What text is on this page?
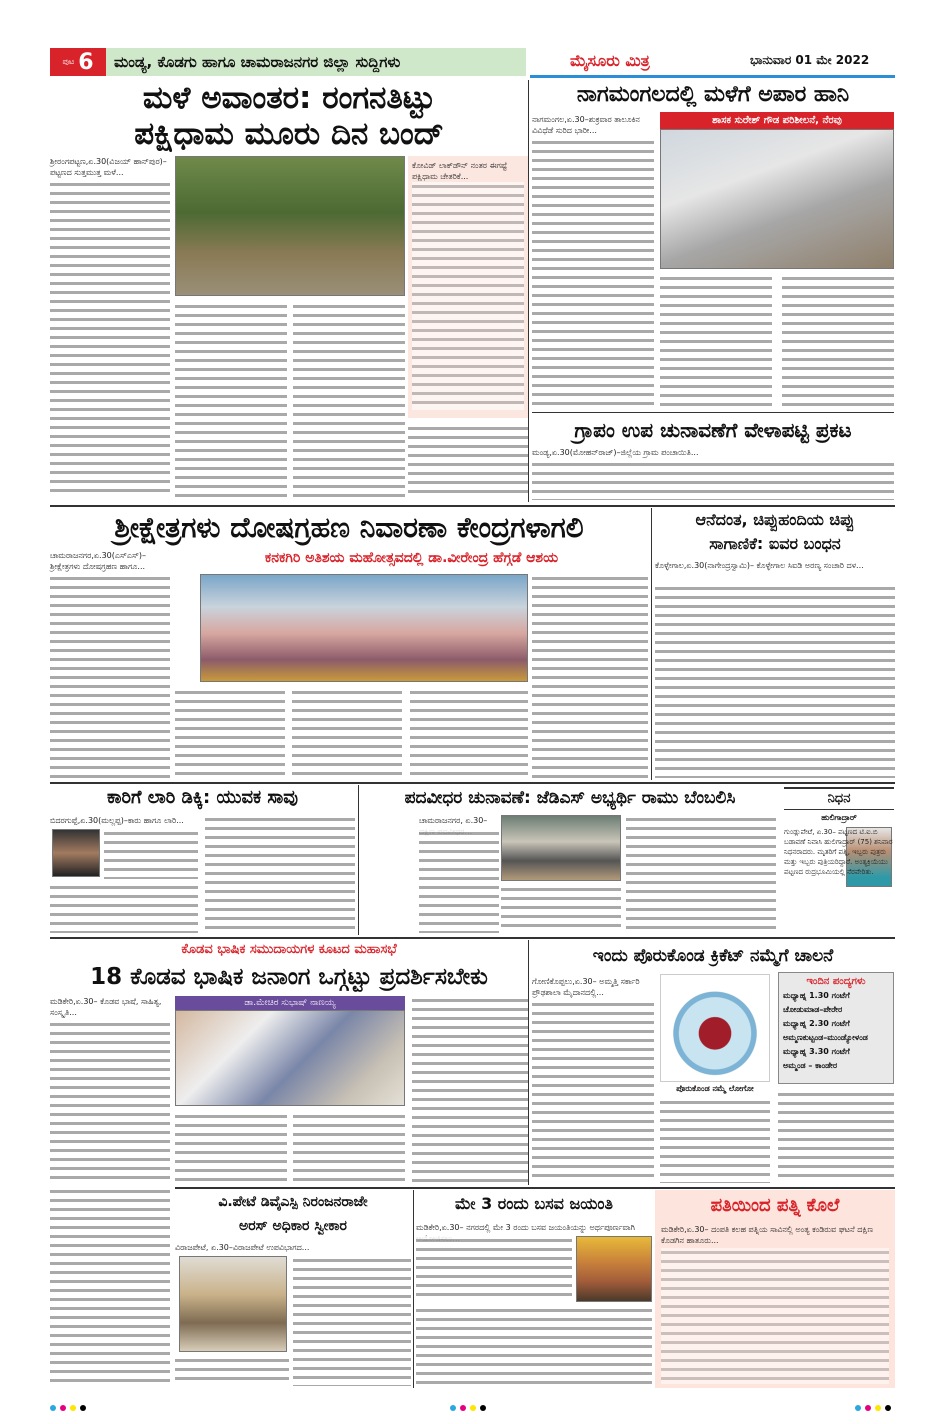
ಪುಟ 6 ಮಂಡ್ಯ, ಕೊಡಗು ಹಾಗೂ ಚಾಮರಾಜನಗರ ಜಿಲ್ಲಾ ಸುದ್ದಿಗಳು	ಮೈಸೂರು ಮಿತ್ರ	ಭಾನುವಾರ 01 ಮೇ 2022
ಮಳೆ ಅವಾಂತರ: ರಂಗನತಿಟ್ಟು
ಪಕ್ಷಿಧಾಮ ಮೂರು ದಿನ ಬಂದ್
ಶ್ರೀರಂಗಪಟ್ಟಣ,ಏ.30(ವಿಜಯ್ ಹಾನ್‌ಪುರ)– ಪಟ್ಟಣದ ಸುತ್ತಮುತ್ತ ಮಳೆ...
ಕೋವಿಡ್ ಲಾಕ್‌ಡೌನ್ ನಂತರ ಈಗಷ್ಟೆ ಪಕ್ಷಿಧಾಮ ಚೇತರಿಕೆ...
ನಾಗಮಂಗಲದಲ್ಲಿ ಮಳೆಗೆ ಅಪಾರ ಹಾನಿ
ನಾಗಮಂಗಲ,ಏ.30–ಶುಕ್ರವಾರ ತಾಲೂಕಿನ ವಿವಿಧೆಡೆ ಸುರಿದ ಭಾರೀ...
ಶಾಸಕ ಸುರೇಶ್ ಗೌಡ ಪರಿಶೀಲನೆ, ನೆರವು
ಗ್ರಾಪಂ ಉಪ ಚುನಾವಣೆಗೆ ವೇಳಾಪಟ್ಟಿ ಪ್ರಕಟ
ಮಂಡ್ಯ,ಏ.30(ಮೋಹನ್‌ರಾಜ್)–ಜಿಲ್ಲೆಯ ಗ್ರಾಮ ಪಂಚಾಯಿತಿ...
ಶ್ರೀಕ್ಷೇತ್ರಗಳು ದೋಷಗ್ರಹಣ ನಿವಾರಣಾ ಕೇಂದ್ರಗಳಾಗಲಿ
ಕನಕಗಿರಿ ಅತಿಶಯ ಮಹೋತ್ಸವದಲ್ಲಿ ಡಾ.ವೀರೇಂದ್ರ ಹೆಗ್ಗಡೆ ಆಶಯ
ಚಾಮರಾಜನಗರ,ಏ.30(ಎಸ್‌ಎಸ್)– ಶ್ರೀಕ್ಷೇತ್ರಗಳು ದೋಷಗ್ರಹಣ ಹಾಗೂ...
ಆನೆದಂತ, ಚಿಪ್ಪುಹಂದಿಯ ಚಿಪ್ಪು
ಸಾಗಾಣಿಕೆ: ಐವರ ಬಂಧನ
ಕೊಳ್ಳೇಗಾಲ,ಏ.30(ನಾಗೇಂದ್ರಸ್ವಾಮಿ)– ಕೊಳ್ಳೇಗಾಲ ಸಿಐಡಿ ಅರಣ್ಯ ಸಂಚಾರಿ ದಳ...
ಕಾರಿಗೆ ಲಾರಿ ಡಿಕ್ಕಿ: ಯುವಕ ಸಾವು
ಬಿದರಗುಪ್ಪೆ,ಏ.30(ಮಲ್ಲಪ್ಪ)–ಕಾರು ಹಾಗೂ ಲಾರಿ...
ಪದವೀಧರ ಚುನಾವಣೆ: ಜೆಡಿಎಸ್ ಅಭ್ಯರ್ಥಿ ರಾಮು ಬೆಂಬಲಿಸಿ
ಚಾಮರಾಜನಗರ, ಏ.30–
ನಿಧನ
ಹುಲಿಗಾದ್ರಾರ್
ಗುಂಡ್ಲುಪೇಟೆ, ಏ.30– ಪಟ್ಟಣದ ಟಿ.ಐ.ಬಿ ಬಡಾವಣೆ ನಿವಾಸಿ ಹುಲಿಗಾದ್ರಾರ್ (75) ಶನಿವಾರ ನಿಧನರಾದರು. ಮೃತರಿಗೆ ಪತ್ನಿ, ಇಬ್ಬರು ಪುತ್ರರು ಮತ್ತು ಇಬ್ಬರು ಪುತ್ರಿಯರಿದ್ದಾರೆ. ಅಂತ್ಯಕ್ರಿಯೆಯು ಪಟ್ಟಣದ ರುದ್ರಭೂಮಿಯಲ್ಲಿ ನೆರವೇರಿತು.
ಕೊಡವ ಭಾಷಿಕ ಸಮುದಾಯಗಳ ಕೂಟದ ಮಹಾಸಭೆ
18 ಕೊಡವ ಭಾಷಿಕ ಜನಾಂಗ ಒಗ್ಗಟ್ಟು ಪ್ರದರ್ಶಿಸಬೇಕು
ಮಡಿಕೇರಿ,ಏ.30– ಕೊಡವ ಭಾಷೆ, ಸಾಹಿತ್ಯ, ಸಂಸ್ಕೃತಿ...
ಡಾ.ಮೇಚಿರ ಸುಭಾಷ್ ನಾಣಯ್ಯ
ಇಂದು ಪೊರುಕೊಂಡ ಕ್ರಿಕೆಟ್ ನಮ್ಮೆಗೆ ಚಾಲನೆ
ಗೋಣಿಕೊಪ್ಪಲು,ಏ.30– ಅಮ್ಮತ್ತಿ ಸರ್ಕಾರಿ ಪ್ರೌಢಶಾಲಾ ಮೈದಾನದಲ್ಲಿ...
ಪೊರುಕೊಂಡ ನಮ್ಮೆ ಲೋಗೋ
ಇಂದಿನ ಪಂದ್ಯಗಳು
ಮಧ್ಯಾಹ್ನ 1.30 ಗಂಟೆಗೆ
ಚೋಡುಮಾಡ–ಪೇರೇರ
ಮಧ್ಯಾಹ್ನ 2.30 ಗಂಟೆಗೆ
ಅಮ್ಮಣಕುಟ್ಟಂಡ–ಮುಂಡ್ಯೋಳಂಡ
ಮಧ್ಯಾಹ್ನ 3.30 ಗಂಟೆಗೆ
ಅಮ್ಮಂಡ – ಕಾಂಡೇರ
ವಿ.ಪೇಟೆ ಡಿವೈಎಸ್ಪಿ ನಿರಂಜನರಾಜೇ
ಅರಸ್ ಅಧಿಕಾರ ಸ್ವೀಕಾರ
ವಿರಾಜಪೇಟೆ, ಏ.30–ವಿರಾಜಪೇಟೆ ಉಪವಿಭಾಗದ...
ಮೇ 3 ರಂದು ಬಸವ ಜಯಂತಿ
ಮಡಿಕೇರಿ,ಏ.30– ನಗರದಲ್ಲಿ ಮೇ 3 ರಂದು ಬಸವ ಜಯಂತಿಯನ್ನು ಅರ್ಥಪೂರ್ಣವಾಗಿ
ಪತಿಯಿಂದ ಪತ್ನಿ ಕೊಲೆ
ಮಡಿಕೇರಿ,ಏ.30– ದಂಪತಿ ಕಲಹ ಪತ್ನಿಯ ಸಾವಿನಲ್ಲಿ ಅಂತ್ಯ ಕಂಡಿರುವ ಘಟನೆ ದಕ್ಷಿಣ ಕೊಡಗಿನ ಹಾತೂರು...
